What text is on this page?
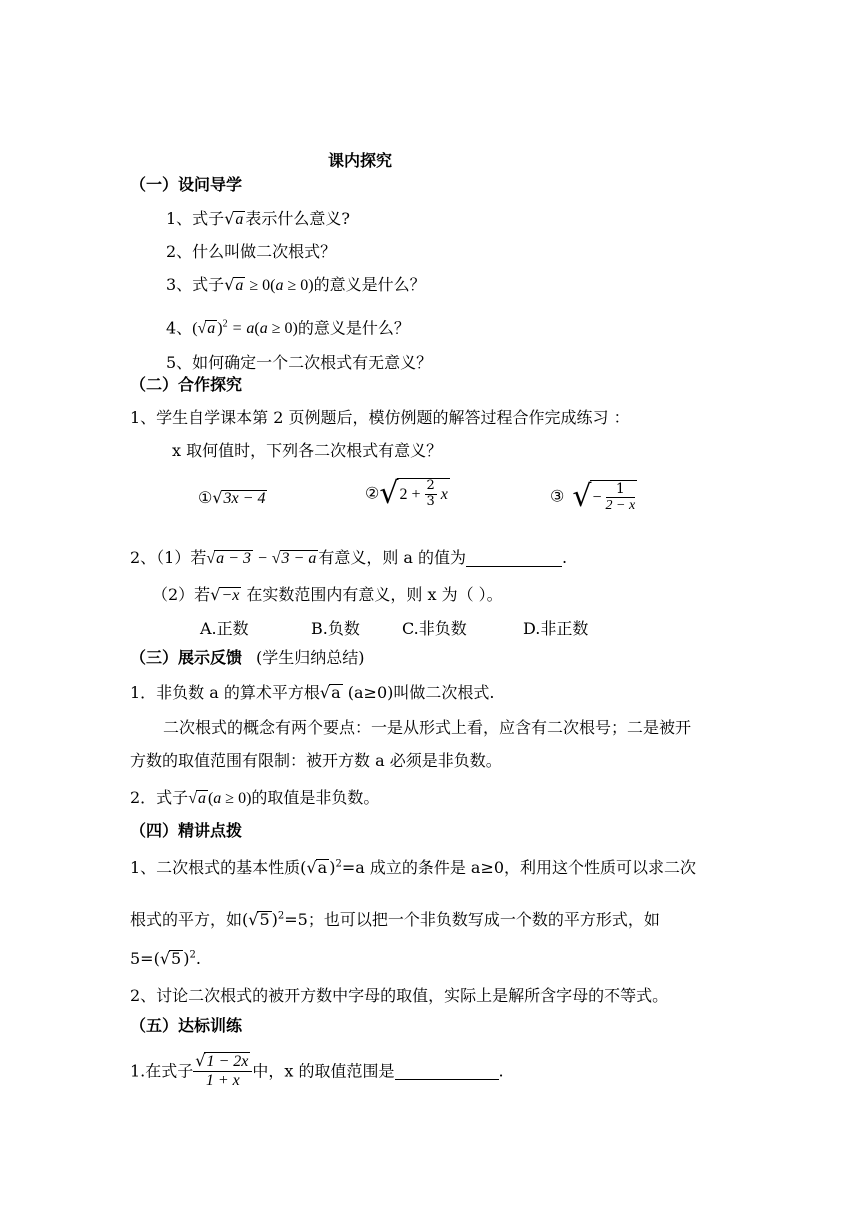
课内探究
（一）设问导学
1、式子√a 表示什么意义?
2、什么叫做二次根式？
3、式子√a ≥ 0(a ≥ 0)的意义是什么？
4、(√a )$^2$ = a(a ≥ 0)的意义是什么？
5、如何确定一个二次根式有无意义？
（二）合作探究
1、学生自学课本第 2 页例题后，模仿例题的解答过程合作完成练习 ：
x 取何值时，下列各二次根式有意义？
①√3x − 4	②√2 + $\frac{2}{3}$ x	③ √− $\frac{1}{2 - x}$
2、（1）若√a − 3 − √3 − a 有意义，则 a 的值为	.
（2）若√−x 在实数范围内有意义，则 x 为（ ）。
A.正数	B.负数	C.非负数	D.非正数
（三）展示反馈 (学生归纳总结)
1．非负数 a 的算术平方根√a (a≥0)叫做二次根式.
二次根式的概念有两个要点：一是从形式上看，应含有二次根号；二是被开
方数的取值范围有限制：被开方数 a 必须是非负数。
2．式子√a (a ≥ 0)的取值是非负数。
（四）精讲点拨
1、二次根式的基本性质(√a )$^2$=a 成立的条件是 a≥0，利用这个性质可以求二次
根式的平方，如(√5 )$^2$=5；也可以把一个非负数写成一个数的平方形式，如
5=(√5 )$^2$.
2、讨论二次根式的被开方数中字母的取值，实际上是解所含字母的不等式。
（五）达标训练
1.在式子 $\frac{√1 - 2x}{1 + x}$ 中，x 的取值范围是	.
